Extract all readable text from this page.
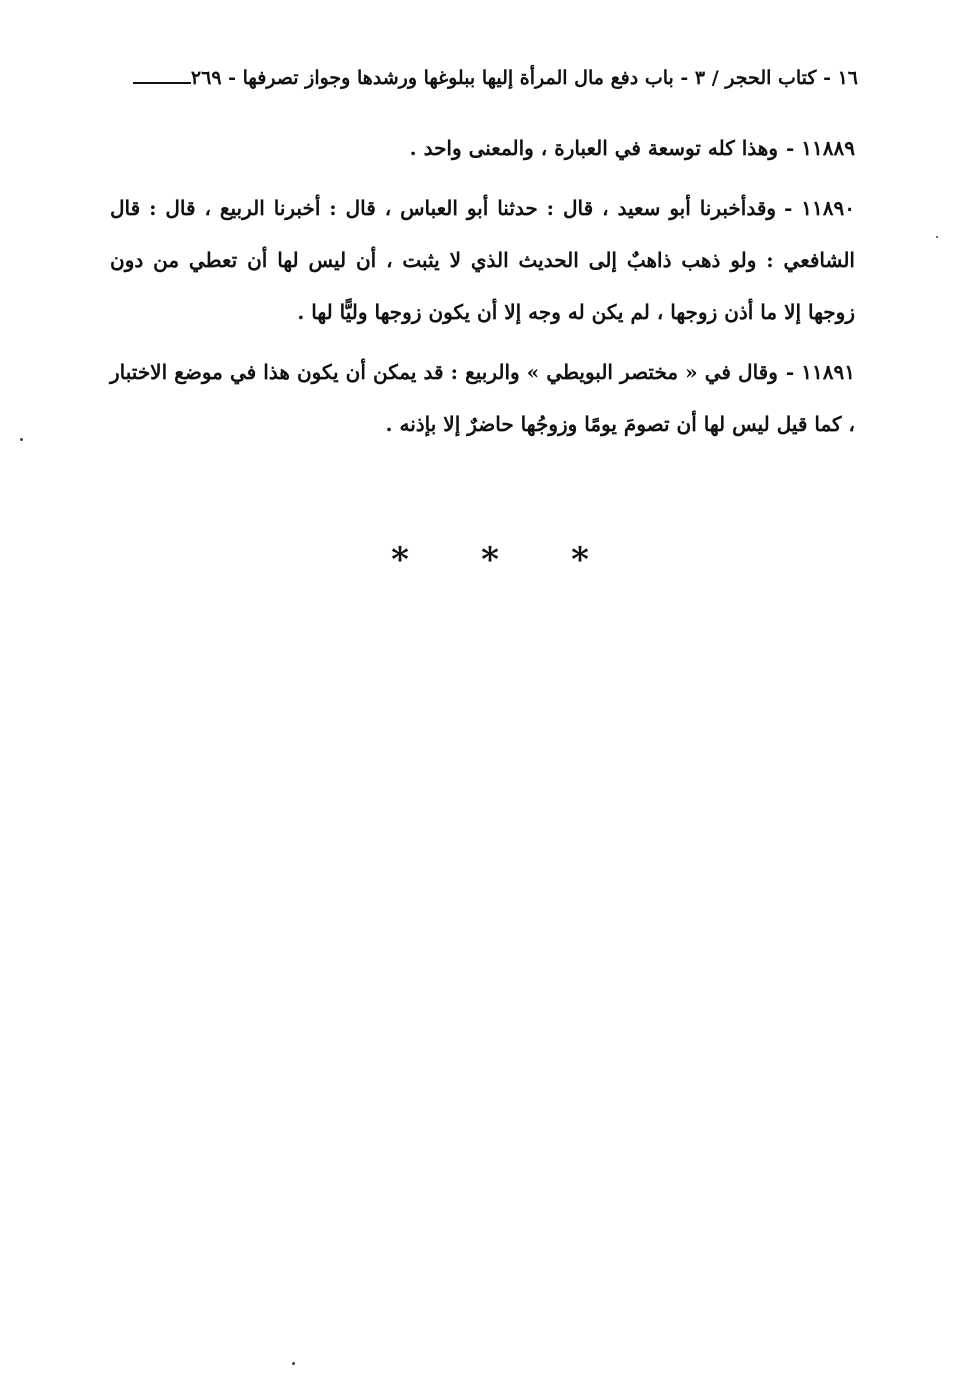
١٦ - كتاب الحجر / ٣ - باب دفع مال المرأة إليها ببلوغها ورشدها وجواز تصرفها - ٢٦٩

١١٨٨٩ -وهذا كله توسعة في العبارة ، والمعنى واحد .

١١٨٩٠ -وقدأخبرنا أبو سعيد ، قال : حدثنا أبو العباس ، قال : أخبرنا الربيع ، قال : قال الشافعي : ولو ذهب ذاهبٌ إلى الحديث الذي لا يثبت ، أن ليس لها أن تعطي من دون زوجها إلا ما أذن زوجها ، لم يكن له وجه إلا أن يكون زوجها وليًّا لها .

١١٨٩١ -وقال في « مختصر البويطي » والربيع : قد يمكن أن يكون هذا في موضع الاختبار ، كما قيل ليس لها أن تصومَ يومًا وزوجُها حاضرٌ إلا بإذنه .

*	*	*
